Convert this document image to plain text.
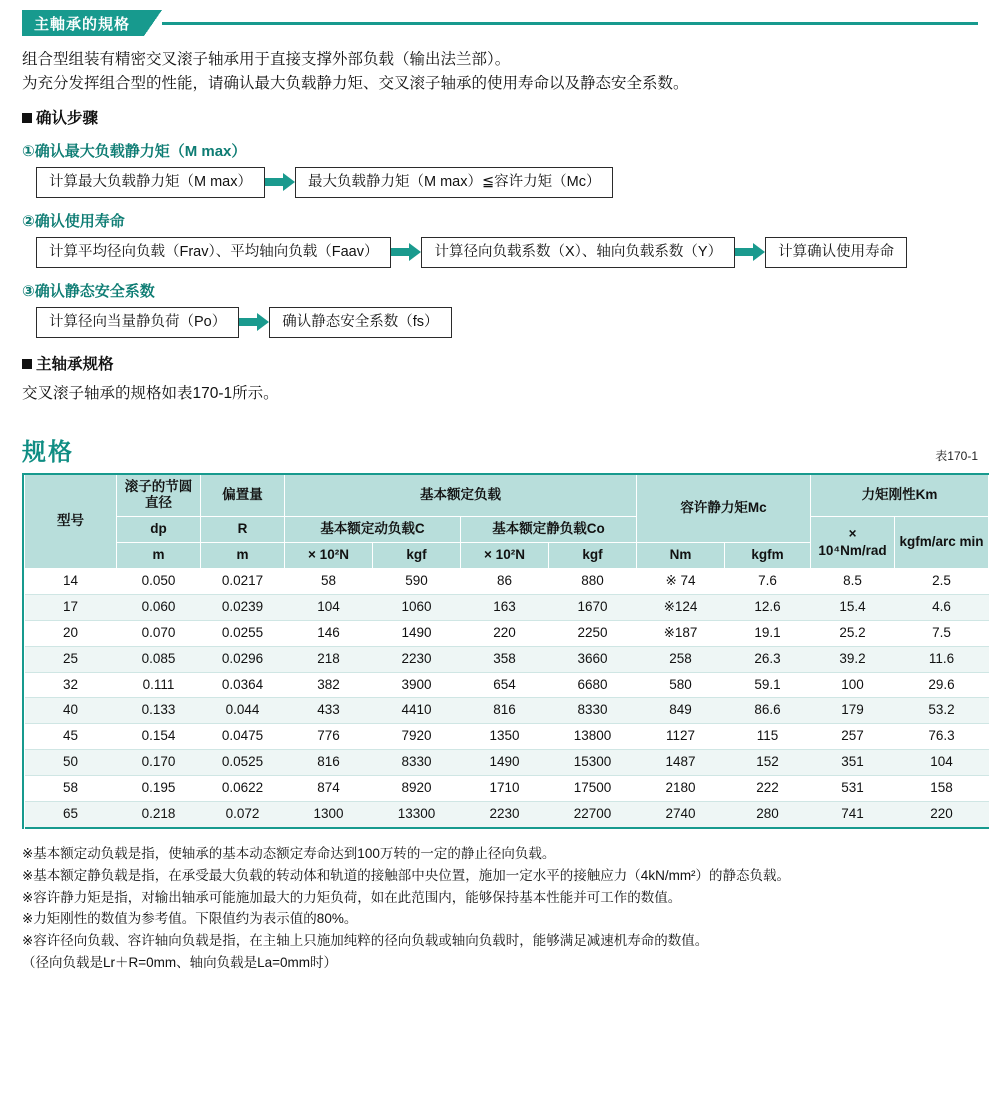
主軸承的規格

组合型组装有精密交叉滚子轴承用于直接支撑外部负载（输出法兰部）。

为充分发挥组合型的性能，请确认最大负载静力矩、交叉滚子轴承的使用寿命以及静态安全系数。

确认步骤
①确认最大负载静力矩（M max）
计算最大负载静力矩（M max）	最大负载静力矩（M max）≦容许力矩（Mc）
②确认使用寿命
计算平均径向负载（Frav）、平均轴向负载（Faav）	计算径向负载系数（X）、轴向负载系数（Y）	计算确认使用寿命
③确认静态安全系数
计算径向当量静负荷（Po）	确认静态安全系数（fs）
主轴承规格

交叉滚子轴承的规格如表170-1所示。

规格	表170-1
型号	滚子的节圆直径	偏置量	基本额定负载				容许静力矩Mc		力矩刚性Km	
	dp	R	基本额定动负载C		基本额定静负载Co				× 10⁴Nm/rad	kgfm/arc min
	m	m	× 10²N	kgf	× 10²N	kgf	Nm	kgfm		
14	0.050	0.0217	58	590	86	880	※ 74	7.6	8.5	2.5
17	0.060	0.0239	104	1060	163	1670	※124	12.6	15.4	4.6
20	0.070	0.0255	146	1490	220	2250	※187	19.1	25.2	7.5
25	0.085	0.0296	218	2230	358	3660	258	26.3	39.2	11.6
32	0.111	0.0364	382	3900	654	6680	580	59.1	100	29.6
40	0.133	0.044	433	4410	816	8330	849	86.6	179	53.2
45	0.154	0.0475	776	7920	1350	13800	1127	115	257	76.3
50	0.170	0.0525	816	8330	1490	15300	1487	152	351	104
58	0.195	0.0622	874	8920	1710	17500	2180	222	531	158
65	0.218	0.072	1300	13300	2230	22700	2740	280	741	220
※基本额定动负载是指，使轴承的基本动态额定寿命达到100万转的一定的静止径向负载。
※基本额定静负载是指，在承受最大负载的转动体和轨道的接触部中央位置，施加一定水平的接触应力（4kN/mm²）的静态负载。
※容许静力矩是指，对输出轴承可能施加最大的力矩负荷，如在此范围内，能够保持基本性能并可工作的数值。
※力矩刚性的数值为参考值。下限值约为表示值的80%。
※容许径向负载、容许轴向负载是指，在主轴上只施加纯粹的径向负载或轴向负载时，能够满足减速机寿命的数值。
（径向负载是Lr＋R=0mm、轴向负载是La=0mm时）
